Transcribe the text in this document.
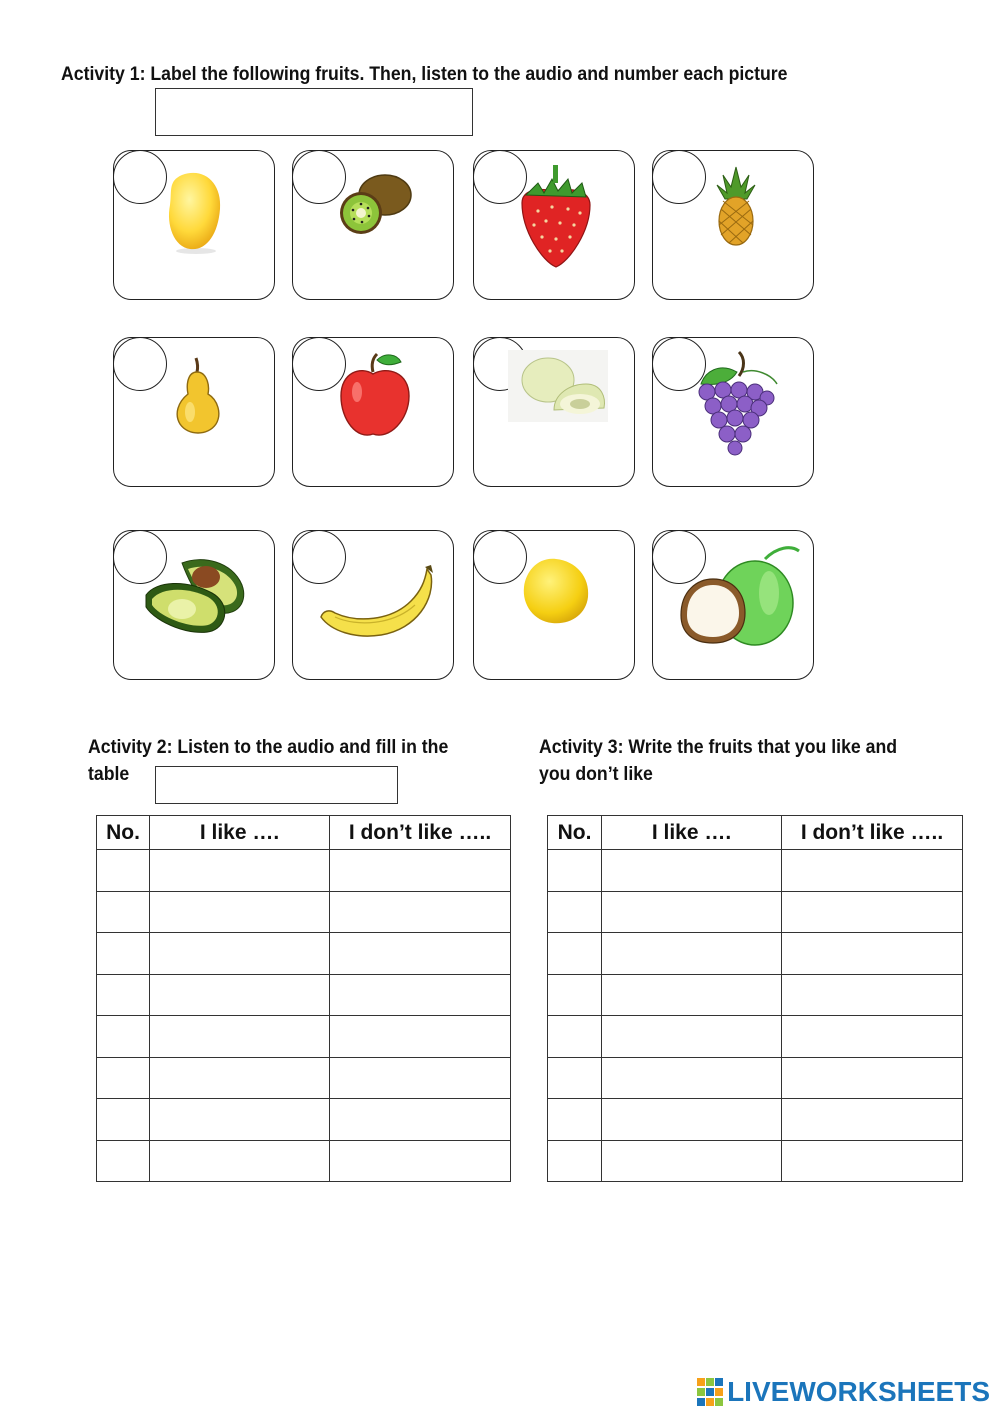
Activity 1: Label the following fruits. Then, listen to the audio and number each picture
Activity 2: Listen to the audio and fill in the
table
No.	I like ….	I don’t like …..

Activity 3: Write the fruits that you like and
you don’t like
No.	I like ….	I don’t like …..

LIVEWORKSHEETS
